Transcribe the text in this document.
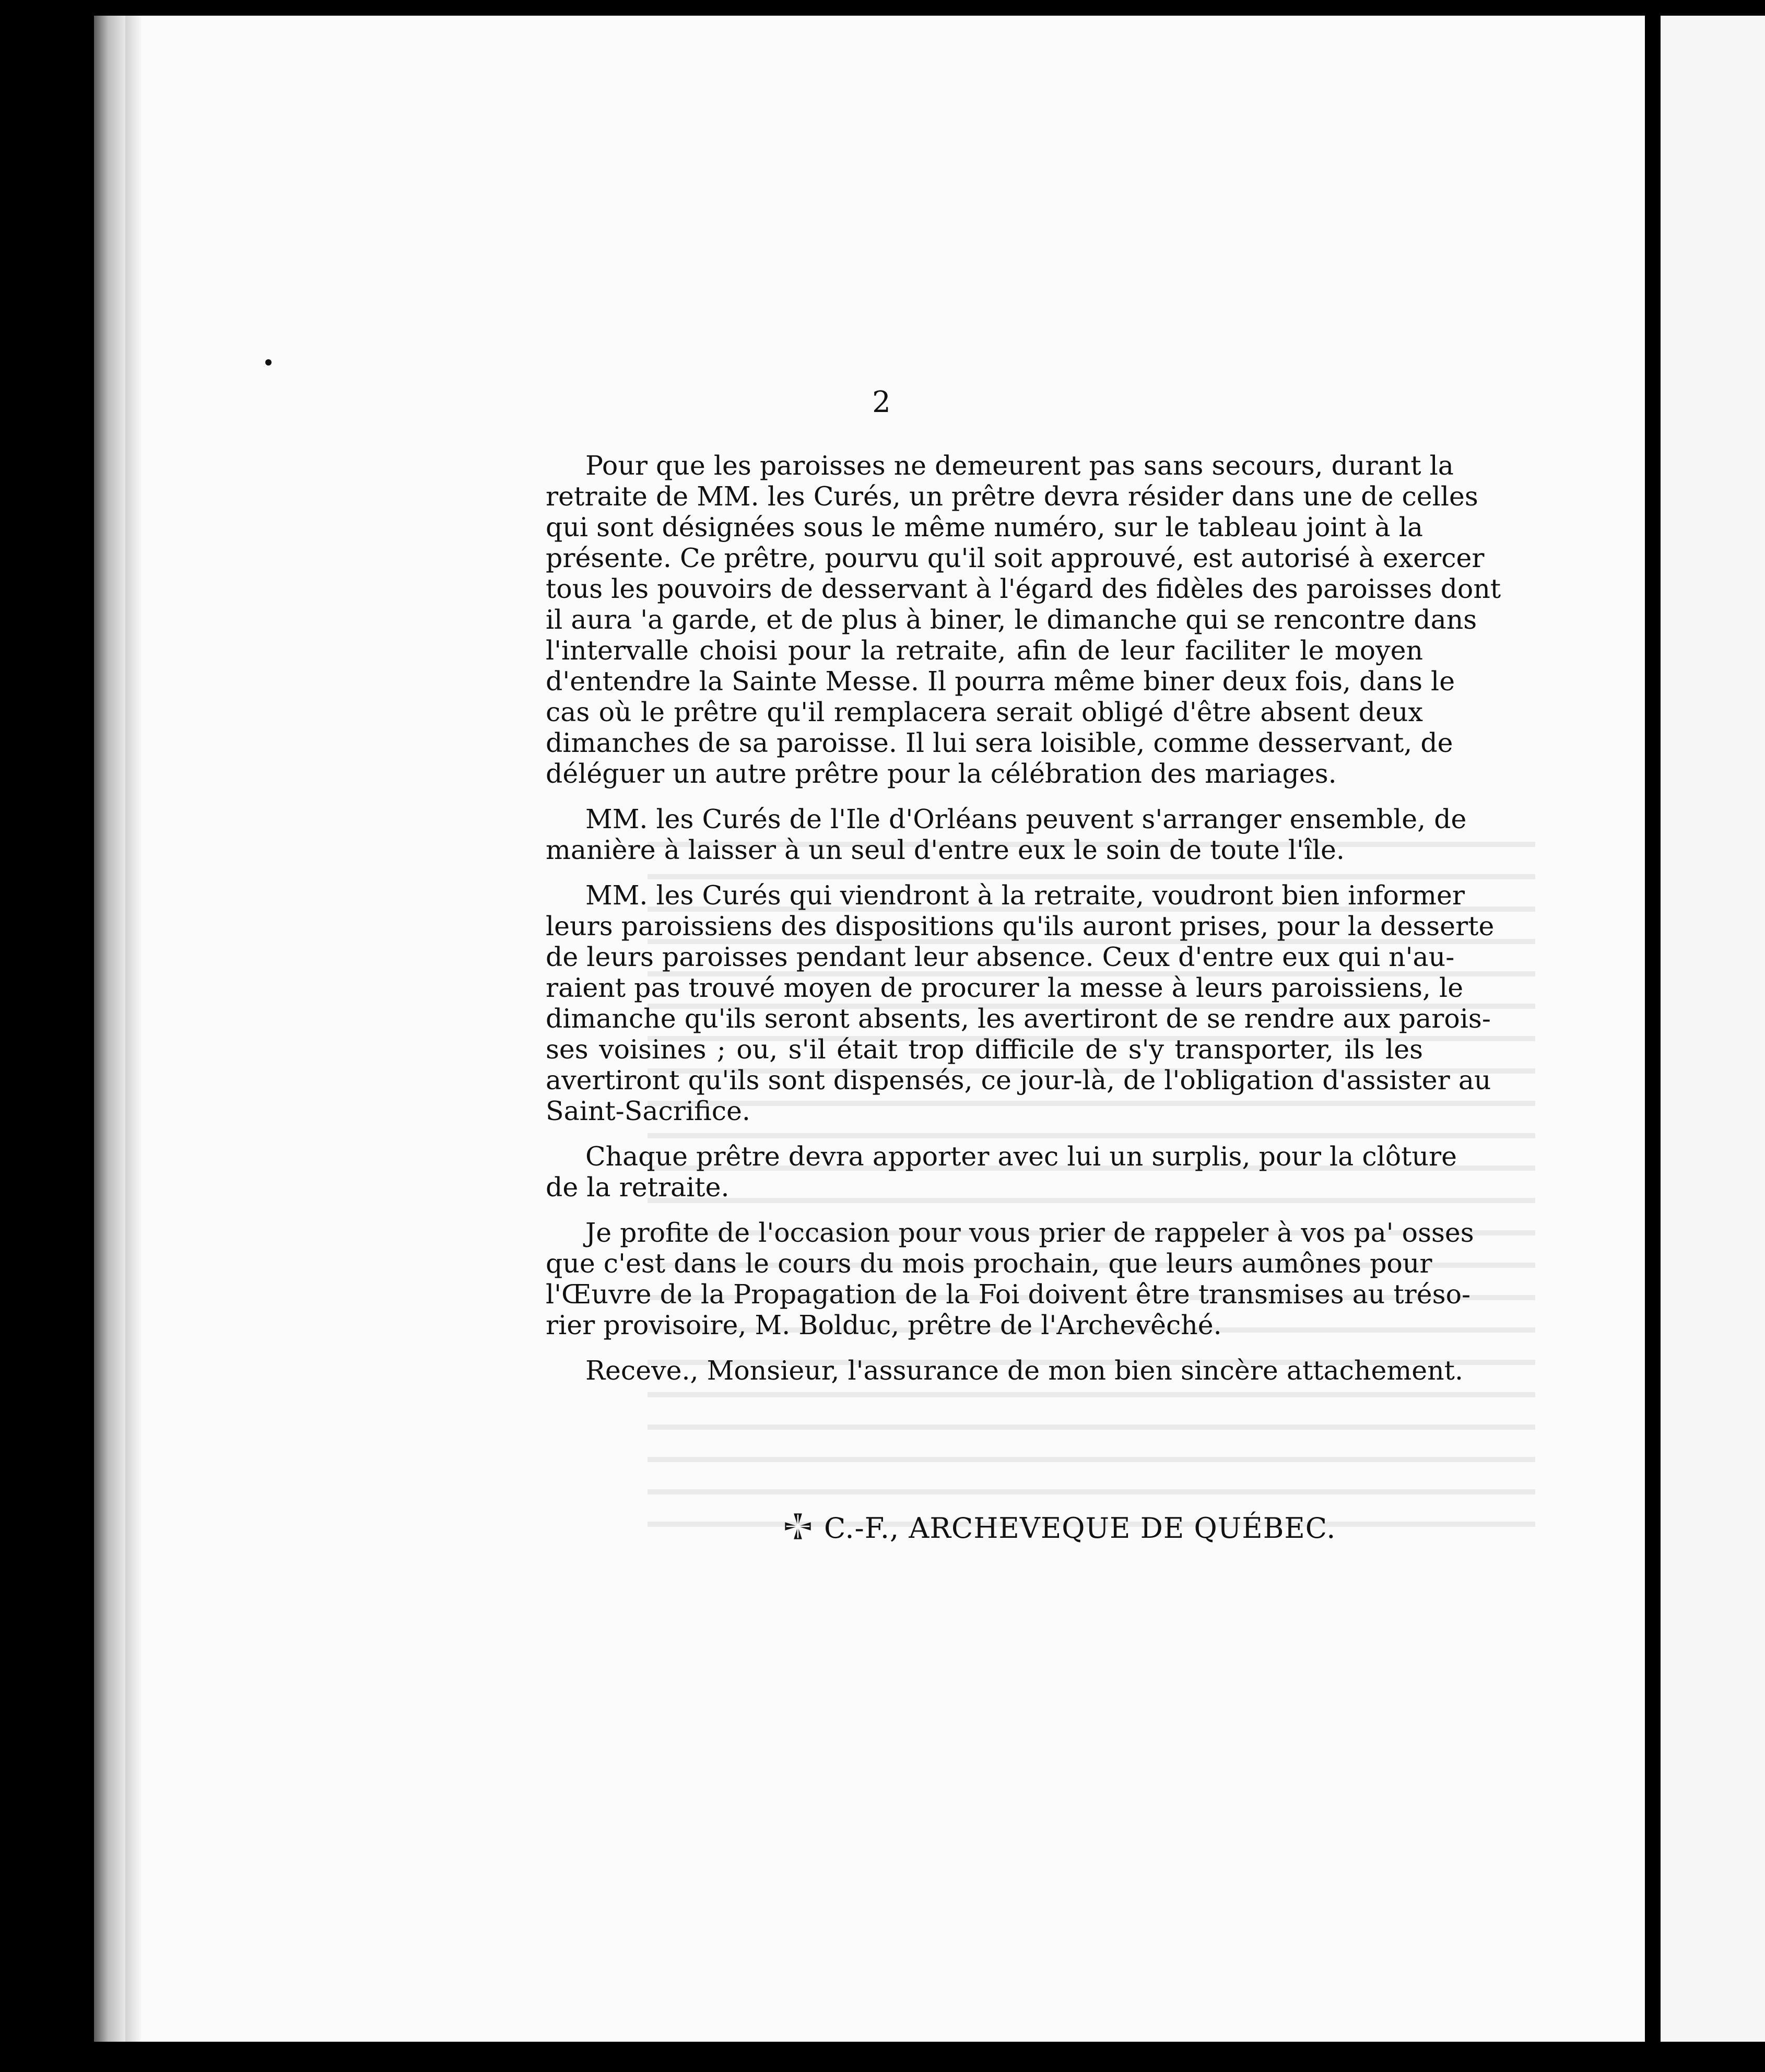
2

Pour que les paroisses ne demeurent pas sans secours, durant la
retraite de MM. les Curés, un prêtre devra résider dans une de celles
qui sont désignées sous le même numéro, sur le tableau joint à la
présente. Ce prêtre, pourvu qu'il soit approuvé, est autorisé à exercer
tous les pouvoirs de desservant à l'égard des fidèles des paroisses dont
il aura 'a garde, et de plus à biner, le dimanche qui se rencontre dans
l'intervalle choisi pour la retraite, afin de leur faciliter le moyen
d'entendre la Sainte Messe. Il pourra même biner deux fois, dans le
cas où le prêtre qu'il remplacera serait obligé d'être absent deux
dimanches de sa paroisse. Il lui sera loisible, comme desservant, de
déléguer un autre prêtre pour la célébration des mariages.

MM. les Curés de l'Ile d'Orléans peuvent s'arranger ensemble, de
manière à laisser à un seul d'entre eux le soin de toute l'île.

MM. les Curés qui viendront à la retraite, voudront bien informer
leurs paroissiens des dispositions qu'ils auront prises, pour la desserte
de leurs paroisses pendant leur absence. Ceux d'entre eux qui n'au-
raient pas trouvé moyen de procurer la messe à leurs paroissiens, le
dimanche qu'ils seront absents, les avertiront de se rendre aux parois-
ses voisines ; ou, s'il était trop difficile de s'y transporter, ils les
avertiront qu'ils sont dispensés, ce jour-là, de l'obligation d'assister au
Saint-Sacrifice.

Chaque prêtre devra apporter avec lui un surplis, pour la clôture
de la retraite.

Je profite de l'occasion pour vous prier de rappeler à vos pa' osses
que c'est dans le cours du mois prochain, que leurs aumônes pour
l'Œuvre de la Propagation de la Foi doivent être transmises au tréso-
rier provisoire, M. Bolduc, prêtre de l'Archevêché.

Receve., Monsieur, l'assurance de mon bien sincère attachement.

C.-F., ARCHEVEQUE DE QUÉBEC.
